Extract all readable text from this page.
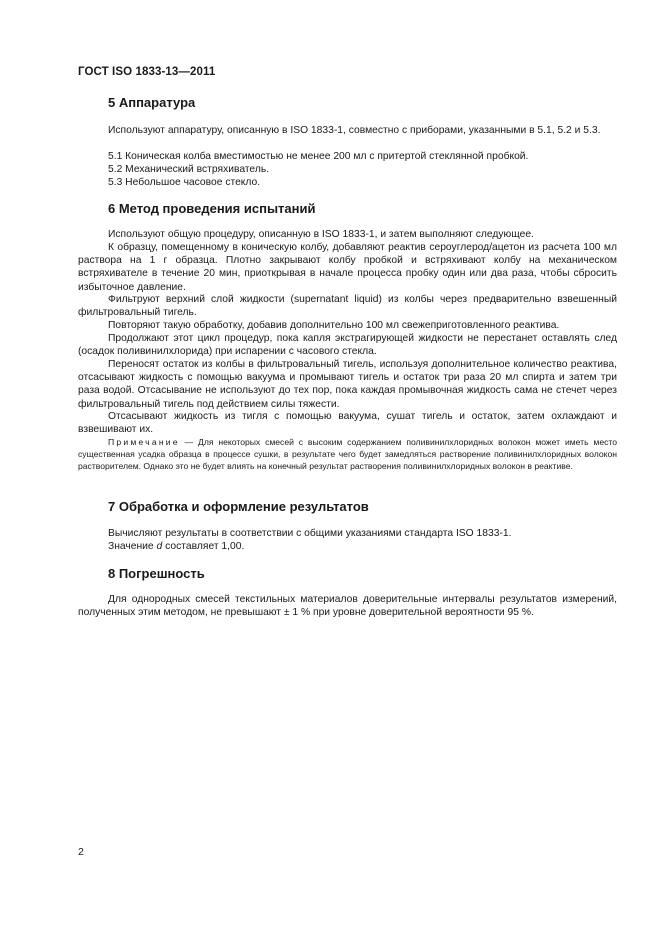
ГОСТ ISO 1833-13—2011
5 Аппаратура

Используют аппаратуру, описанную в ISO 1833-1, совместно с приборами, указанными в 5.1, 5.2 и 5.3.

5.1 Коническая колба вместимостью не менее 200 мл с притертой стеклянной пробкой.

5.2 Механический встряхиватель.

5.3 Небольшое часовое стекло.

6 Метод проведения испытаний

Используют общую процедуру, описанную в ISO 1833-1, и затем выполняют следующее.

К образцу, помещенному в коническую колбу, добавляют реактив сероуглерод/ацетон из расчета 100 мл раствора на 1 г образца. Плотно закрывают колбу пробкой и встряхивают колбу на механическом встряхивателе в течение 20 мин, приоткрывая в начале процесса пробку один или два раза, чтобы сбросить избыточное давление.

Фильтруют верхний слой жидкости (supernatant liquid) из колбы через предварительно взвешенный фильтровальный тигель.

Повторяют такую обработку, добавив дополнительно 100 мл свежеприготовленного реактива.

Продолжают этот цикл процедур, пока капля экстрагирующей жидкости не перестанет оставлять след (осадок поливинилхлорида) при испарении с часового стекла.

Переносят остаток из колбы в фильтровальный тигель, используя дополнительное количество реактива, отсасывают жидкость с помощью вакуума и промывают тигель и остаток три раза 20 мл спирта и затем три раза водой. Отсасывание не используют до тех пор, пока каждая промывочная жидкость сама не стечет через фильтровальный тигель под действием силы тяжести.

Отсасывают жидкость из тигля с помощью вакуума, сушат тигель и остаток, затем охлаждают и взвешивают их.

Примечание — Для некоторых смесей с высоким содержанием поливинилхлоридных волокон может иметь место существенная усадка образца в процессе сушки, в результате чего будет замедляться растворение поливинилхлоридных волокон растворителем. Однако это не будет влиять на конечный результат растворения поливинилхлоридных волокон в реактиве.

7 Обработка и оформление результатов

Вычисляют результаты в соответствии с общими указаниями стандарта ISO 1833-1.

Значение d составляет 1,00.

8 Погрешность

Для однородных смесей текстильных материалов доверительные интервалы результатов измерений, полученных этим методом, не превышают ± 1 % при уровне доверительной вероятности 95 %.

2
